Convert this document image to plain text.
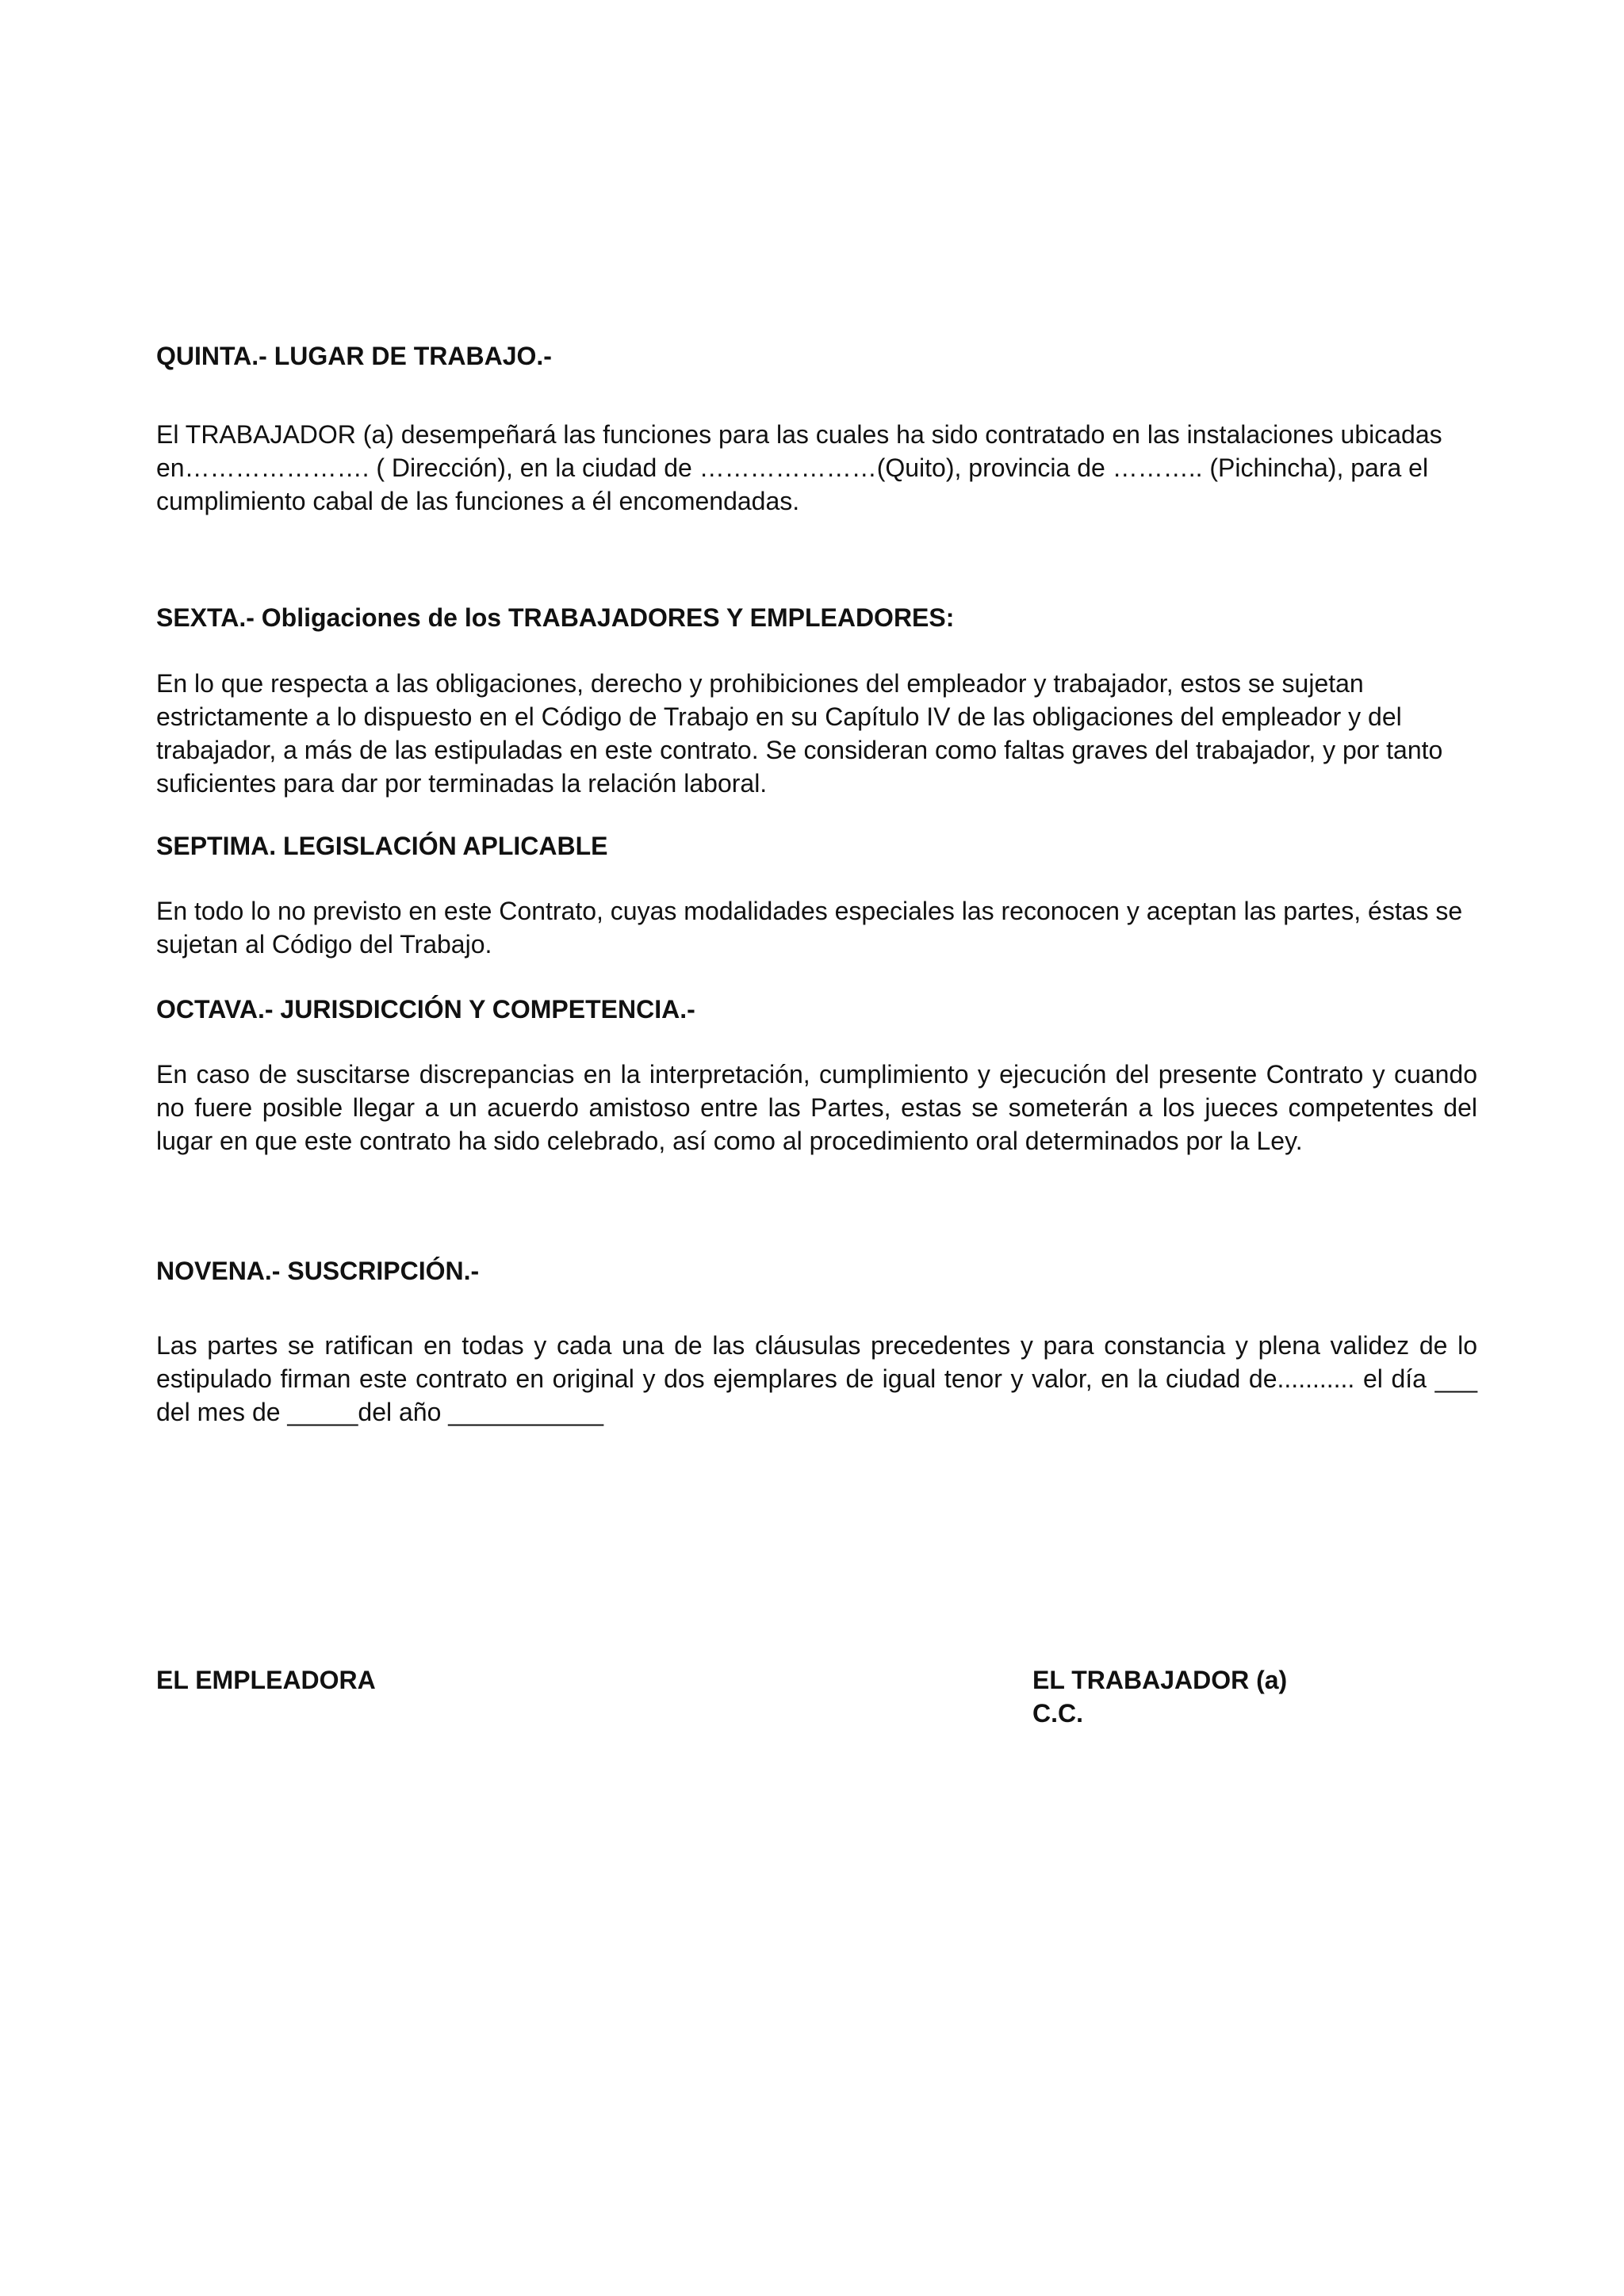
QUINTA.- LUGAR DE TRABAJO.-

El TRABAJADOR (a) desempeñará las funciones para las cuales ha sido contratado en las instalaciones ubicadas en…………………. ( Dirección), en la ciudad de …………………(Quito), provincia de ……….. (Pichincha), para el cumplimiento cabal de las funciones a él encomendadas.

SEXTA.- Obligaciones de los TRABAJADORES Y EMPLEADORES:

En lo que respecta a las obligaciones, derecho y prohibiciones del empleador y trabajador, estos se sujetan estrictamente a lo dispuesto en el Código de Trabajo en su Capítulo IV de las obligaciones del empleador y del trabajador, a más de las estipuladas en este contrato. Se consideran como faltas graves del trabajador, y por tanto suficientes para dar por terminadas la relación laboral.

SEPTIMA. LEGISLACIÓN APLICABLE

En todo lo no previsto en este Contrato, cuyas modalidades especiales las reconocen y aceptan las partes, éstas se sujetan al Código del Trabajo.

OCTAVA.- JURISDICCIÓN Y COMPETENCIA.-

En caso de suscitarse discrepancias en la interpretación, cumplimiento y ejecución del presente Contrato y cuando no fuere posible llegar a un acuerdo amistoso entre las Partes, estas se someterán a los jueces competentes del lugar en que este contrato ha sido celebrado, así como al procedimiento oral determinados por la Ley.

NOVENA.- SUSCRIPCIÓN.-

Las partes se ratifican en todas y cada una de las cláusulas precedentes y para constancia y plena validez de lo estipulado firman este contrato en original y dos ejemplares de igual tenor y valor, en la ciudad de........... el día ___ del mes de _____del año ___________

EL EMPLEADORA	EL TRABAJADOR (a)
C.C.
